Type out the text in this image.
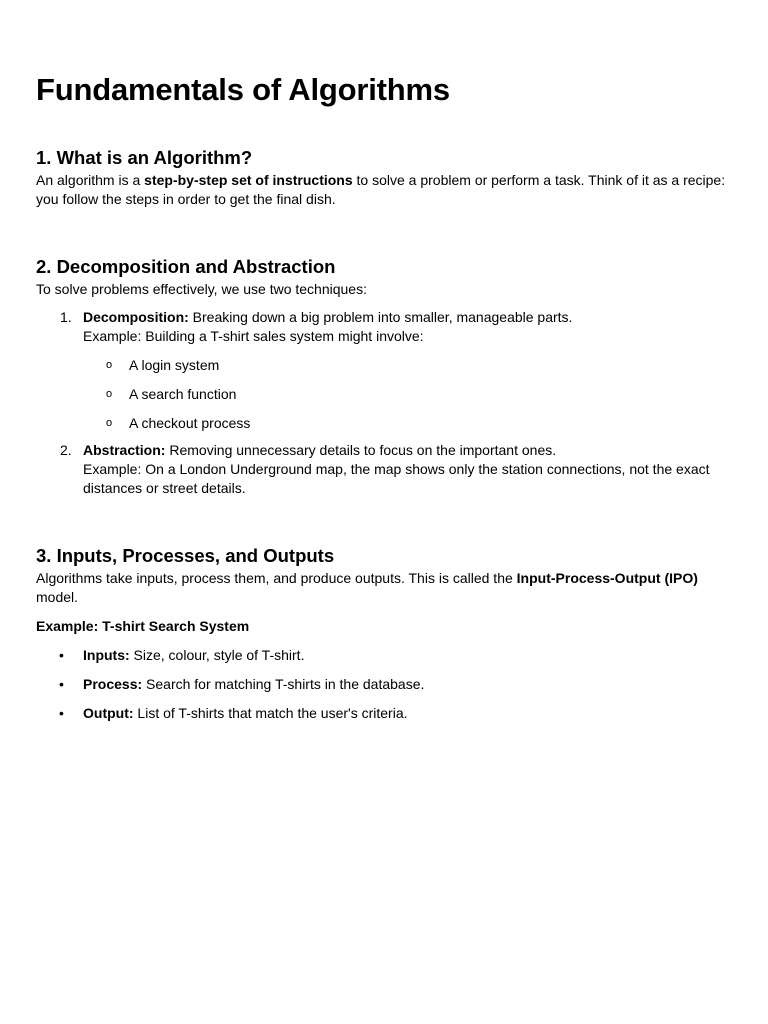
Fundamentals of Algorithms
1. What is an Algorithm?

An algorithm is a step-by-step set of instructions to solve a problem or perform a task. Think of it as a recipe: you follow the steps in order to get the final dish.

2. Decomposition and Abstraction

To solve problems effectively, we use two techniques:

1. Decomposition: Breaking down a big problem into smaller, manageable parts.
Example: Building a T-shirt sales system might involve:
o A login system
o A search function
o A checkout process
2. Abstraction: Removing unnecessary details to focus on the important ones.
Example: On a London Underground map, the map shows only the station connections, not the exact distances or street details.
3. Inputs, Processes, and Outputs

Algorithms take inputs, process them, and produce outputs. This is called the Input-Process-Output (IPO) model.

Example: T-shirt Search System

• Inputs: Size, colour, style of T-shirt.
• Process: Search for matching T-shirts in the database.
• Output: List of T-shirts that match the user's criteria.
